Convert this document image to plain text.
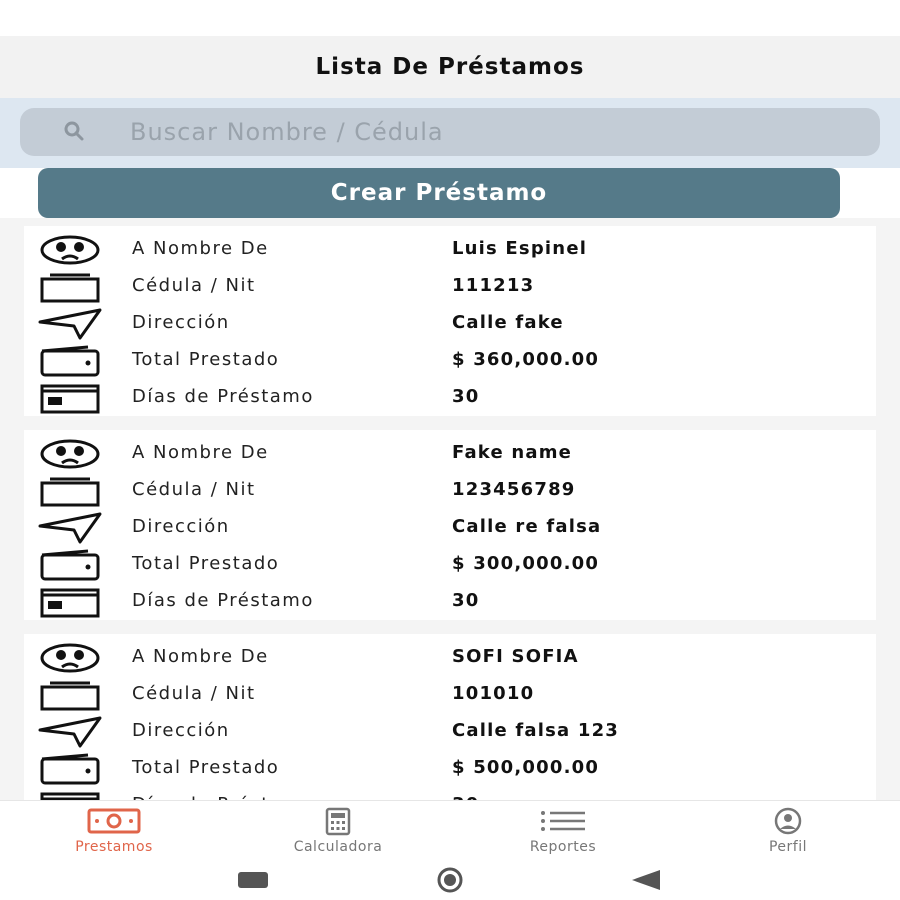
Lista De Préstamos
Buscar Nombre / Cédula
Crear Préstamo
A Nombre De	Luis Espinel
Cédula / Nit	111213
Dirección	Calle fake
Total Prestado	$ 360,000.00
Días de Préstamo	30
A Nombre De	Fake name
Cédula / Nit	123456789
Dirección	Calle re falsa
Total Prestado	$ 300,000.00
Días de Préstamo	30
A Nombre De	SOFI SOFIA
Cédula / Nit	101010
Dirección	Calle falsa 123
Total Prestado	$ 500,000.00
Prestamos	Calculadora	Reportes	Perfil
